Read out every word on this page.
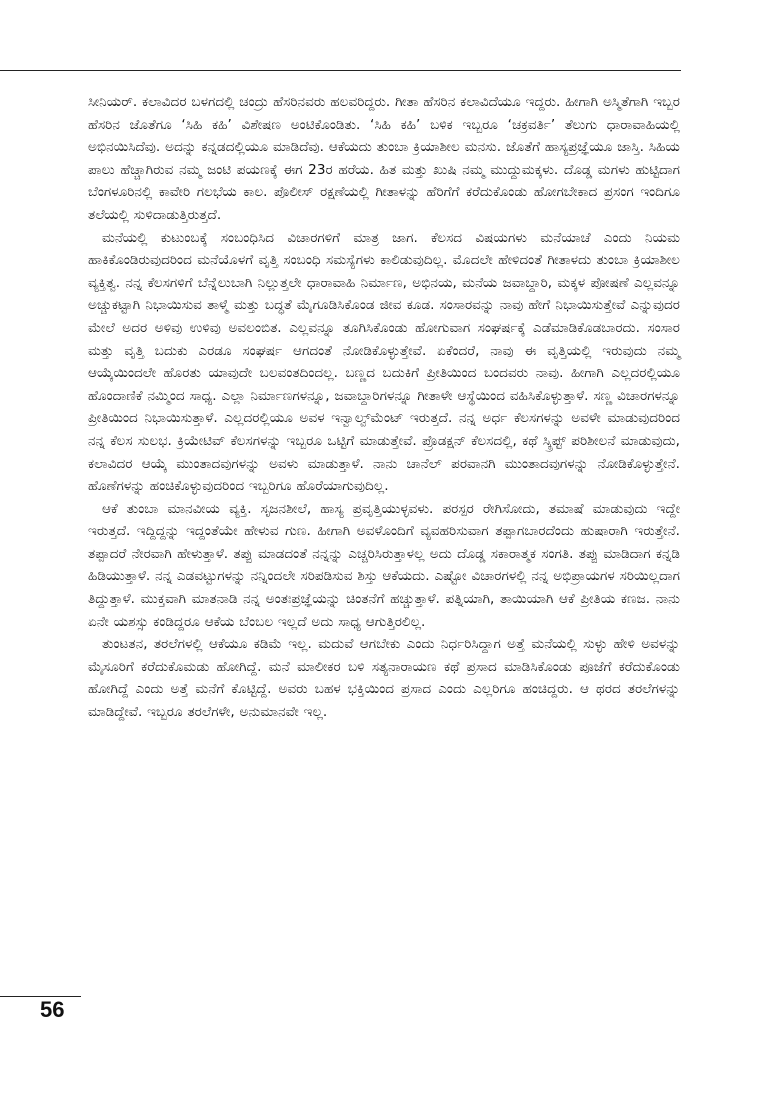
ಸೀನಿಯರ್. ಕಲಾವಿದರ ಬಳಗದಲ್ಲಿ ಚಂದ್ರು ಹೆಸರಿನವರು ಹಲವರಿದ್ದರು. ಗೀತಾ ಹೆಸರಿನ ಕಲಾವಿದೆಯೂ ಇದ್ದರು. ಹೀಗಾಗಿ ಅಸ್ಮಿತೆಗಾಗಿ ಇಬ್ಬರ ಹೆಸರಿನ ಜೊತೆಗೂ ‘ಸಿಹಿ ಕಹಿ’ ವಿಶೇಷಣ ಅಂಟಿಕೊಂಡಿತು. ‘ಸಿಹಿ ಕಹಿ’ ಬಳಿಕ ಇಬ್ಬರೂ ‘ಚಕ್ರವರ್ತಿ’ ತೆಲುಗು ಧಾರಾವಾಹಿಯಲ್ಲಿ ಅಭಿನಯಿಸಿದೆವು. ಅದನ್ನು ಕನ್ನಡದಲ್ಲಿಯೂ ಮಾಡಿದೆವು. ಆಕೆಯದು ತುಂಬಾ ಕ್ರಿಯಾಶೀಲ ಮನಸು. ಜೊತೆಗೆ ಹಾಸ್ಯಪ್ರಜ್ಞೆಯೂ ಜಾಸ್ತಿ. ಸಿಹಿಯ ಪಾಲು ಹೆಚ್ಚಾಗಿರುವ ನಮ್ಮ ಜಂಟಿ ಪಯಣಕ್ಕೆ ಈಗ 23ರ ಹರೆಯ. ಹಿತ ಮತ್ತು ಖುಷಿ ನಮ್ಮ ಮುದ್ದುಮಕ್ಕಳು. ದೊಡ್ಡ ಮಗಳು ಹುಟ್ಟಿದಾಗ ಬೆಂಗಳೂರಿನಲ್ಲಿ ಕಾವೇರಿ ಗಲಭೆಯ ಕಾಲ. ಪೊಲೀಸ್ ರಕ್ಷಣೆಯಲ್ಲಿ ಗೀತಾಳನ್ನು ಹೆರಿಗೆಗೆ ಕರೆದುಕೊಂಡು ಹೋಗಬೇಕಾದ ಪ್ರಸಂಗ ಇಂದಿಗೂ ತಲೆಯಲ್ಲಿ ಸುಳಿದಾಡುತ್ತಿರುತ್ತದೆ.

ಮನೆಯಲ್ಲಿ ಕುಟುಂಬಕ್ಕೆ ಸಂಬಂಧಿಸಿದ ವಿಚಾರಗಳಿಗೆ ಮಾತ್ರ ಜಾಗ. ಕೆಲಸದ ವಿಷಯಗಳು ಮನೆಯಾಚೆ ಎಂದು ನಿಯಮ ಹಾಕಿಕೊಂಡಿರುವುದರಿಂದ ಮನೆಯೊಳಗೆ ವೃತ್ತಿ ಸಂಬಂಧಿ ಸಮಸ್ಯೆಗಳು ಕಾಲಿಡುವುದಿಲ್ಲ. ಮೊದಲೇ ಹೇಳಿದಂತೆ ಗೀತಾಳದು ತುಂಬಾ ಕ್ರಿಯಾಶೀಲ ವ್ಯಕ್ತಿತ್ವ. ನನ್ನ ಕೆಲಸಗಳಿಗೆ ಬೆನ್ನೆಲುಬಾಗಿ ನಿಲ್ಲುತ್ತಲೇ ಧಾರಾವಾಹಿ ನಿರ್ಮಾಣ, ಅಭಿನಯ, ಮನೆಯ ಜವಾಬ್ದಾರಿ, ಮಕ್ಕಳ ಪೋಷಣೆ ಎಲ್ಲವನ್ನೂ ಅಚ್ಚುಕಟ್ಟಾಗಿ ನಿಭಾಯಿಸುವ ತಾಳ್ಮೆ ಮತ್ತು ಬದ್ಧತೆ ಮೈಗೂಡಿಸಿಕೊಂಡ ಜೀವ ಕೂಡ. ಸಂಸಾರವನ್ನು ನಾವು ಹೇಗೆ ನಿಭಾಯಿಸುತ್ತೇವೆ ಎನ್ನುವುದರ ಮೇಲೆ ಅದರ ಅಳಿವು ಉಳಿವು ಅವಲಂಬಿತ. ಎಲ್ಲವನ್ನೂ ತೂಗಿಸಿಕೊಂಡು ಹೋಗುವಾಗ ಸಂಘರ್ಷಕ್ಕೆ ಎಡೆಮಾಡಿಕೊಡಬಾರದು. ಸಂಸಾರ ಮತ್ತು ವೃತ್ತಿ ಬದುಕು ಎರಡೂ ಸಂಘರ್ಷ ಆಗದಂತೆ ನೋಡಿಕೊಳ್ಳುತ್ತೇವೆ. ಏಕೆಂದರೆ, ನಾವು ಈ ವೃತ್ತಿಯಲ್ಲಿ ಇರುವುದು ನಮ್ಮ ಆಯ್ಕೆಯಿಂದಲೇ ಹೊರತು ಯಾವುದೇ ಬಲವಂತದಿಂದಲ್ಲ. ಬಣ್ಣದ ಬದುಕಿಗೆ ಪ್ರೀತಿಯಿಂದ ಬಂದವರು ನಾವು. ಹೀಗಾಗಿ ಎಲ್ಲದರಲ್ಲಿಯೂ ಹೊಂದಾಣಿಕೆ ನಮ್ಮಿಂದ ಸಾಧ್ಯ. ಎಲ್ಲಾ ನಿರ್ಮಾಣಗಳನ್ನೂ, ಜವಾಬ್ದಾರಿಗಳನ್ನೂ ಗೀತಾಳೇ ಆಸ್ಥೆಯಿಂದ ವಹಿಸಿಕೊಳ್ಳುತ್ತಾಳೆ. ಸಣ್ಣ ವಿಚಾರಗಳನ್ನೂ ಪ್ರೀತಿಯಿಂದ ನಿಭಾಯಿಸುತ್ತಾಳೆ. ಎಲ್ಲದರಲ್ಲಿಯೂ ಅವಳ ಇನ್ವಾಲ್ವ್‌ಮೆಂಟ್ ಇರುತ್ತದೆ. ನನ್ನ ಅರ್ಧ ಕೆಲಸಗಳನ್ನು ಅವಳೇ ಮಾಡುವುದರಿಂದ ನನ್ನ ಕೆಲಸ ಸುಲಭ. ಕ್ರಿಯೇಟಿವ್ ಕೆಲಸಗಳನ್ನು ಇಬ್ಬರೂ ಒಟ್ಟಿಗೆ ಮಾಡುತ್ತೇವೆ. ಪ್ರೊಡಕ್ಷನ್ ಕೆಲಸದಲ್ಲಿ, ಕಥೆ ಸ್ಕ್ರಿಪ್ಟ್ ಪರಿಶೀಲನೆ ಮಾಡುವುದು, ಕಲಾವಿದರ ಆಯ್ಕೆ ಮುಂತಾದವುಗಳನ್ನು ಅವಳು ಮಾಡುತ್ತಾಳೆ. ನಾನು ಚಾನೆಲ್ ಪರವಾನಗಿ ಮುಂತಾದವುಗಳನ್ನು ನೋಡಿಕೊಳ್ಳುತ್ತೇನೆ. ಹೊಣೆಗಳನ್ನು ಹಂಚಿಕೊಳ್ಳುವುದರಿಂದ ಇಬ್ಬರಿಗೂ ಹೊರೆಯಾಗುವುದಿಲ್ಲ.

ಆಕೆ ತುಂಬಾ ಮಾನವೀಯ ವ್ಯಕ್ತಿ. ಸೃಜನಶೀಲೆ, ಹಾಸ್ಯ ಪ್ರವೃತ್ತಿಯುಳ್ಳವಳು. ಪರಸ್ಪರ ರೇಗಿಸೋದು, ತಮಾಷೆ ಮಾಡುವುದು ಇದ್ದೇ ಇರುತ್ತದೆ. ಇದ್ದಿದ್ದನ್ನು ಇದ್ದಂತೆಯೇ ಹೇಳುವ ಗುಣ. ಹೀಗಾಗಿ ಅವಳೊಂದಿಗೆ ವ್ಯವಹರಿಸುವಾಗ ತಪ್ಪಾಗಬಾರದೆಂದು ಹುಷಾರಾಗಿ ಇರುತ್ತೇನೆ. ತಪ್ಪಾದರೆ ನೇರವಾಗಿ ಹೇಳುತ್ತಾಳೆ. ತಪ್ಪು ಮಾಡದಂತೆ ನನ್ನನ್ನು ಎಚ್ಚರಿಸಿರುತ್ತಾಳಲ್ಲ ಅದು ದೊಡ್ಡ ಸಕಾರಾತ್ಮಕ ಸಂಗತಿ. ತಪ್ಪು ಮಾಡಿದಾಗ ಕನ್ನಡಿ ಹಿಡಿಯುತ್ತಾಳೆ. ನನ್ನ ಎಡವಟ್ಟುಗಳನ್ನು ನನ್ನಿಂದಲೇ ಸರಿಪಡಿಸುವ ಶಿಸ್ತು ಆಕೆಯದು. ಎಷ್ಟೋ ವಿಚಾರಗಳಲ್ಲಿ ನನ್ನ ಅಭಿಪ್ರಾಯಗಳ ಸರಿಯಿಲ್ಲದಾಗ ತಿದ್ದುತ್ತಾಳೆ. ಮುಕ್ತವಾಗಿ ಮಾತನಾಡಿ ನನ್ನ ಅಂತಃಪ್ರಜ್ಞೆಯನ್ನು ಚಿಂತನೆಗೆ ಹಚ್ಚುತ್ತಾಳೆ. ಪತ್ನಿಯಾಗಿ, ತಾಯಿಯಾಗಿ ಆಕೆ ಪ್ರೀತಿಯ ಕಣಜ. ನಾನು ಏನೇ ಯಶಸ್ಸು ಕಂಡಿದ್ದರೂ ಆಕೆಯ ಬೆಂಬಲ ಇಲ್ಲದೆ ಅದು ಸಾಧ್ಯ ಆಗುತ್ತಿರಲಿಲ್ಲ.

ತುಂಟತನ, ತರಲೆಗಳಲ್ಲಿ ಆಕೆಯೂ ಕಡಿಮೆ ಇಲ್ಲ. ಮದುವೆ ಆಗಬೇಕು ಎಂದು ನಿರ್ಧರಿಸಿದ್ದಾಗ ಅತ್ತೆ ಮನೆಯಲ್ಲಿ ಸುಳ್ಳು ಹೇಳಿ ಅವಳನ್ನು ಮೈಸೂರಿಗೆ ಕರೆದುಕೊಮಡು ಹೋಗಿದ್ದೆ. ಮನೆ ಮಾಲೀಕರ ಬಳಿ ಸತ್ಯನಾರಾಯಣ ಕಥೆ ಪ್ರಸಾದ ಮಾಡಿಸಿಕೊಂಡು ಪೂಜೆಗೆ ಕರೆದುಕೊಂಡು ಹೋಗಿದ್ದೆ ಎಂದು ಅತ್ತೆ ಮನೆಗೆ ಕೊಟ್ಟಿದ್ದೆ. ಅವರು ಬಹಳ ಭಕ್ತಿಯಿಂದ ಪ್ರಸಾದ ಎಂದು ಎಲ್ಲರಿಗೂ ಹಂಚಿದ್ದರು. ಆ ಥರದ ತರಲೆಗಳನ್ನು ಮಾಡಿದ್ದೇವೆ. ಇಬ್ಬರೂ ತರಲೆಗಳೇ, ಅನುಮಾನವೇ ಇಲ್ಲ.

56
